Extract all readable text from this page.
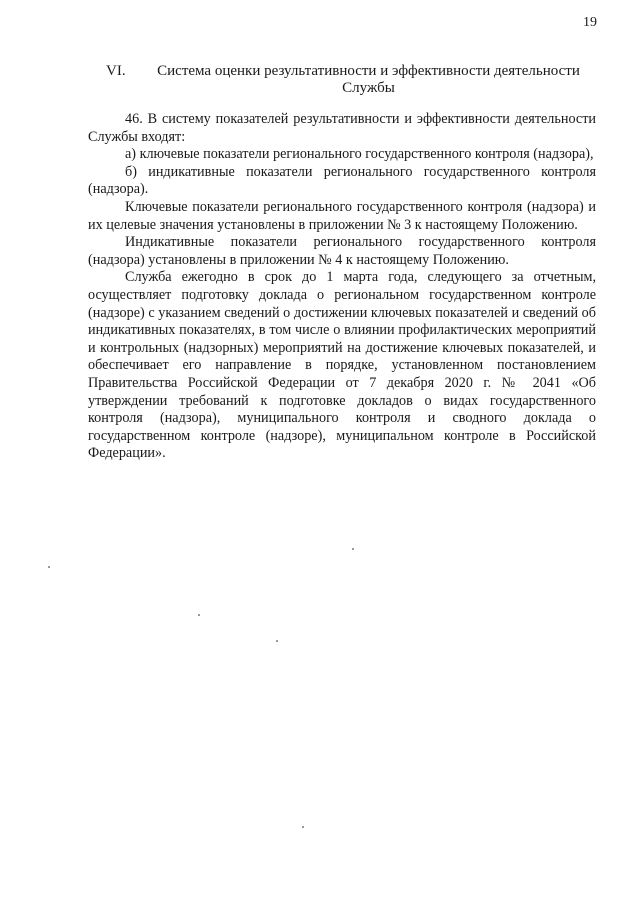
19
VI.	Система оценки результативности и эффективности деятельности Службы

46. В систему показателей результативности и эффективности деятельности Службы входят:

а) ключевые показатели регионального государственного контроля (надзора),

б) индикативные показатели регионального государственного контроля (надзора).

Ключевые показатели регионального государственного контроля (надзора) и их целевые значения установлены в приложении № 3 к настоящему Положению.

Индикативные показатели регионального государственного контроля (надзора) установлены в приложении № 4 к настоящему Положению.

Служба ежегодно в срок до 1 марта года, следующего за отчетным, осуществляет подготовку доклада о региональном государственном контроле (надзоре) с указанием сведений о достижении ключевых показателей и сведений об индикативных показателях, в том числе о влиянии профилактических мероприятий и контрольных (надзорных) мероприятий на достижение ключевых показателей, и обеспечивает его направление в порядке, установленном постановлением Правительства Российской Федерации от 7 декабря 2020 г. № 2041 «Об утверждении требований к подготовке докладов о видах государственного контроля (надзора), муниципального контроля и сводного доклада о государственном контроле (надзоре), муниципальном контроле в Российской Федерации».
